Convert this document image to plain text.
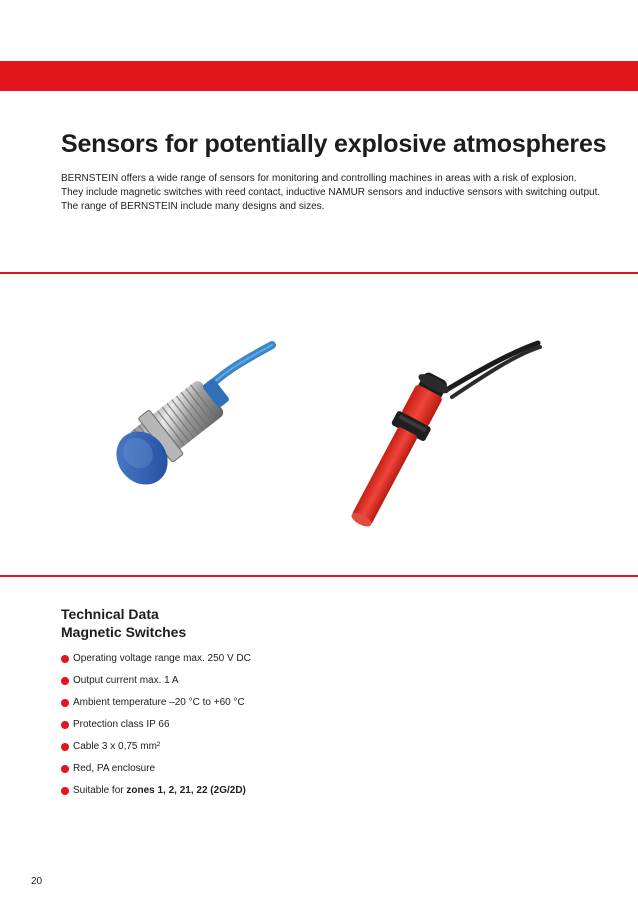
Sensors for potentially explosive atmospheres

BERNSTEIN offers a wide range of sensors for monitoring and controlling machines in areas with a risk of explosion.

They include magnetic switches with reed contact, inductive NAMUR sensors and inductive sensors with switching output.

The range of BERNSTEIN include many designs and sizes.

Technical Data
Magnetic Switches
Operating voltage range max. 250 V DC
Output current max. 1 A
Ambient temperature –20 °C to +60 °C
Protection class IP 66
Cable 3 x 0,75 mm²
Red, PA enclosure
Suitable for zones 1, 2, 21, 22 (2G/2D)
20
